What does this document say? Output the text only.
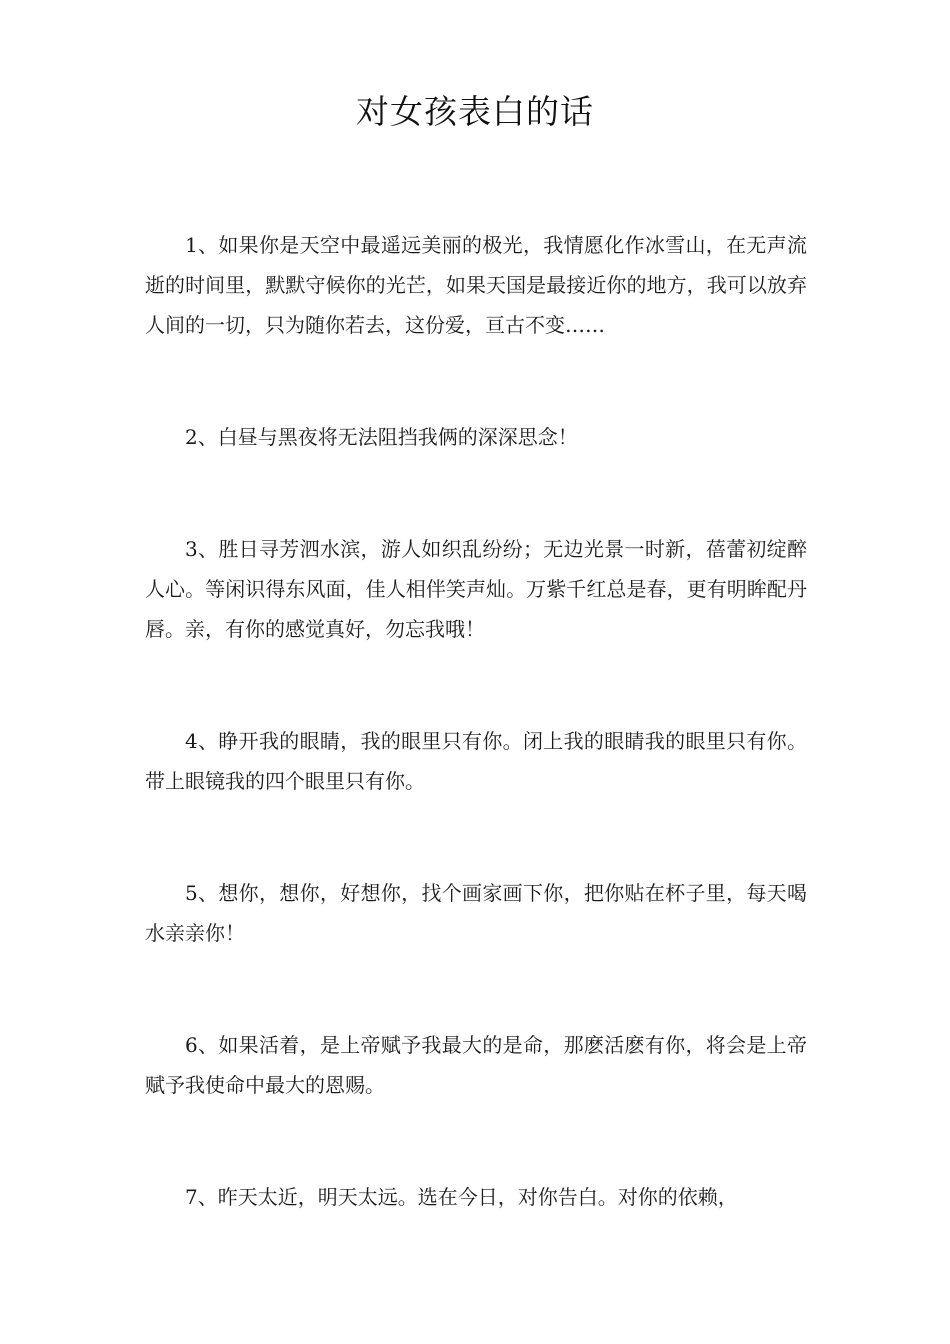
对女孩表白的话

1、如果你是天空中最遥远美丽的极光，我情愿化作冰雪山，在无声流逝的时间里，默默守候你的光芒，如果天国是最接近你的地方，我可以放弃人间的一切，只为随你若去，这份爱，亘古不变……

2、白昼与黑夜将无法阻挡我俩的深深思念！

3、胜日寻芳泗水滨，游人如织乱纷纷；无边光景一时新，蓓蕾初绽醉人心。等闲识得东风面，佳人相伴笑声灿。万紫千红总是春，更有明眸配丹唇。亲，有你的感觉真好，勿忘我哦！

4、睁开我的眼睛，我的眼里只有你。闭上我的眼睛我的眼里只有你。带上眼镜我的四个眼里只有你。

5、想你，想你，好想你，找个画家画下你，把你贴在杯子里，每天喝水亲亲你！

6、如果活着，是上帝赋予我最大的是命，那麽活麽有你，将会是上帝赋予我使命中最大的恩赐。

7、昨天太近，明天太远。选在今日，对你告白。对你的依赖，
